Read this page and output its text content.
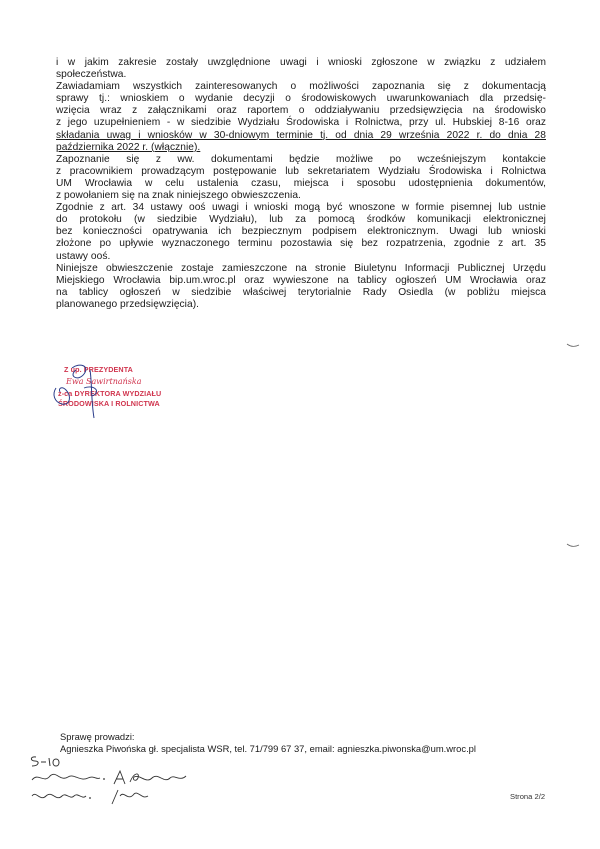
i w jakim zakresie zostały uwzględnione uwagi i wnioski zgłoszone w związku z udziałem
społeczeństwa.

Zawiadamiam wszystkich zainteresowanych o możliwości zapoznania się z dokumentacją
sprawy tj.: wnioskiem o wydanie decyzji o środowiskowych uwarunkowaniach dla przedsię-
wzięcia wraz z załącznikami oraz raportem o oddziaływaniu przedsięwzięcia na środowisko
z jego uzupełnieniem - w siedzibie Wydziału Środowiska i Rolnictwa, przy ul. Hubskiej 8-16 oraz
składania uwag i wniosków w 30-dniowym terminie tj. od dnia 29 września 2022 r. do dnia 28
października 2022 r. (włącznie).

Zapoznanie się z ww. dokumentami będzie możliwe po wcześniejszym kontakcie
z pracownikiem prowadzącym postępowanie lub sekretariatem Wydziału Środowiska i Rolnictwa
UM Wrocławia w celu ustalenia czasu, miejsca i sposobu udostępnienia dokumentów,
z powołaniem się na znak niniejszego obwieszczenia.

Zgodnie z art. 34 ustawy ooś uwagi i wnioski mogą być wnoszone w formie pisemnej lub ustnie
do protokołu (w siedzibie Wydziału), lub za pomocą środków komunikacji elektronicznej
bez konieczności opatrywania ich bezpiecznym podpisem elektronicznym. Uwagi lub wnioski
złożone po upływie wyznaczonego terminu pozostawia się bez rozpatrzenia, zgodnie z art. 35
ustawy ooś.

Niniejsze obwieszczenie zostaje zamieszczone na stronie Biuletynu Informacji Publicznej Urzędu
Miejskiego Wrocławia bip.um.wroc.pl oraz wywieszone na tablicy ogłoszeń UM Wrocławia oraz
na tablicy ogłoszeń w siedzibie właściwej terytorialnie Rady Osiedla (w pobliżu miejsca
planowanego przedsięwzięcia).

Z up. PREZYDENTA
Ewa Sawirtnańska
z-ca DYREKTORA WYDZIAŁU
ŚRODOWISKA I ROLNICTWA
Sprawę prowadzi:
Agnieszka Piwońska gł. specjalista WSR, tel. 71/799 67 37, email: agnieszka.piwonska@um.wroc.pl
Strona 2/2
